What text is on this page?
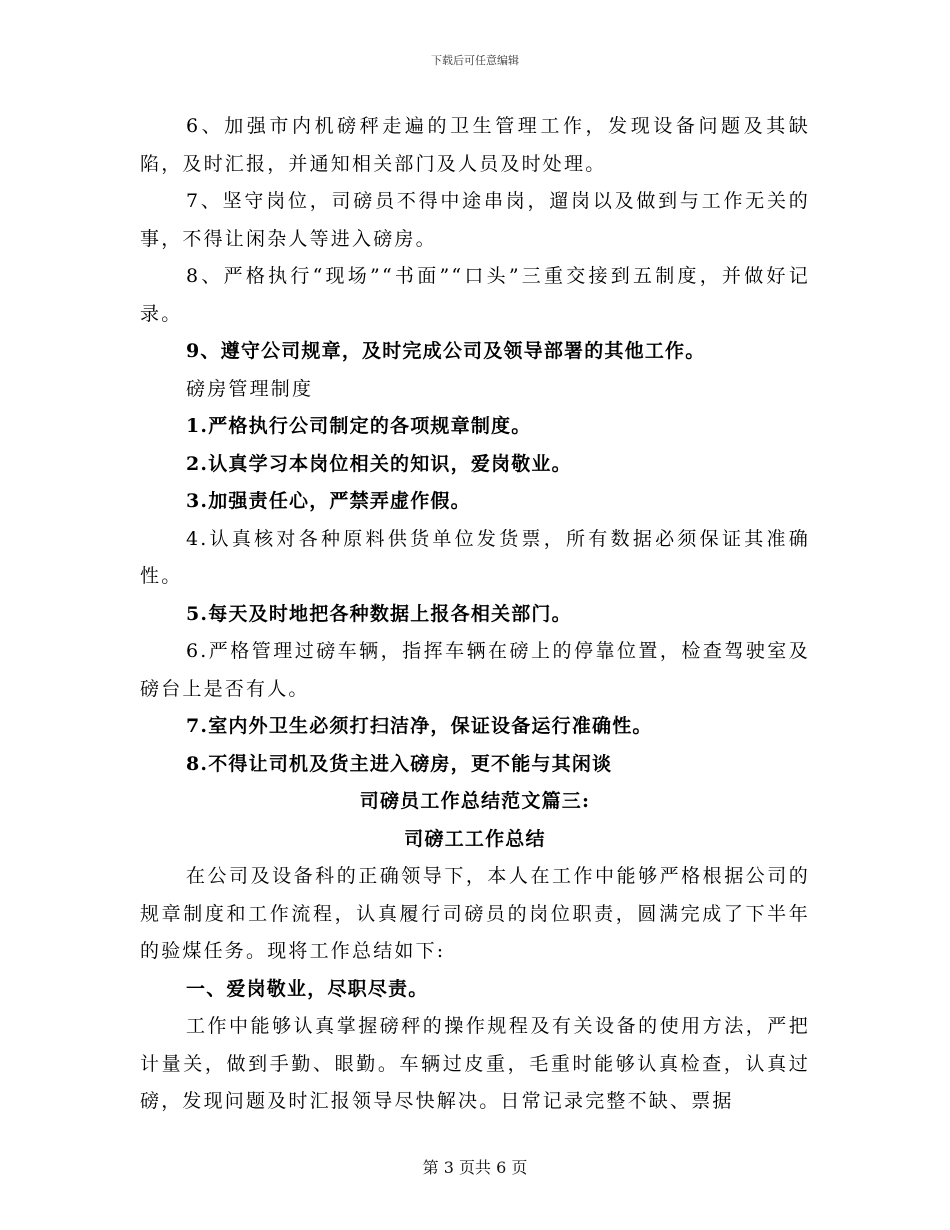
下载后可任意编辑

6、加强市内机磅秤走遍的卫生管理工作，发现设备问题及其缺陷，及时汇报，并通知相关部门及人员及时处理。

7、坚守岗位，司磅员不得中途串岗，遛岗以及做到与工作无关的事，不得让闲杂人等进入磅房。

8、严格执行“现场”“书面”“口头”三重交接到五制度，并做好记录。

9、遵守公司规章，及时完成公司及领导部署的其他工作。

磅房管理制度

1.严格执行公司制定的各项规章制度。

2.认真学习本岗位相关的知识，爱岗敬业。

3.加强责任心，严禁弄虚作假。

4.认真核对各种原料供货单位发货票，所有数据必须保证其准确性。

5.每天及时地把各种数据上报各相关部门。

6.严格管理过磅车辆，指挥车辆在磅上的停靠位置，检查驾驶室及磅台上是否有人。

7.室内外卫生必须打扫洁净，保证设备运行准确性。

8.不得让司机及货主进入磅房，更不能与其闲谈

司磅员工作总结范文篇三:

司磅工工作总结

在公司及设备科的正确领导下，本人在工作中能够严格根据公司的规章制度和工作流程，认真履行司磅员的岗位职责，圆满完成了下半年的验煤任务。现将工作总结如下:

一、爱岗敬业，尽职尽责。

工作中能够认真掌握磅秤的操作规程及有关设备的使用方法，严把计量关，做到手勤、眼勤。车辆过皮重，毛重时能够认真检查，认真过磅，发现问题及时汇报领导尽快解决。日常记录完整不缺、票据

第 3 页共 6 页
